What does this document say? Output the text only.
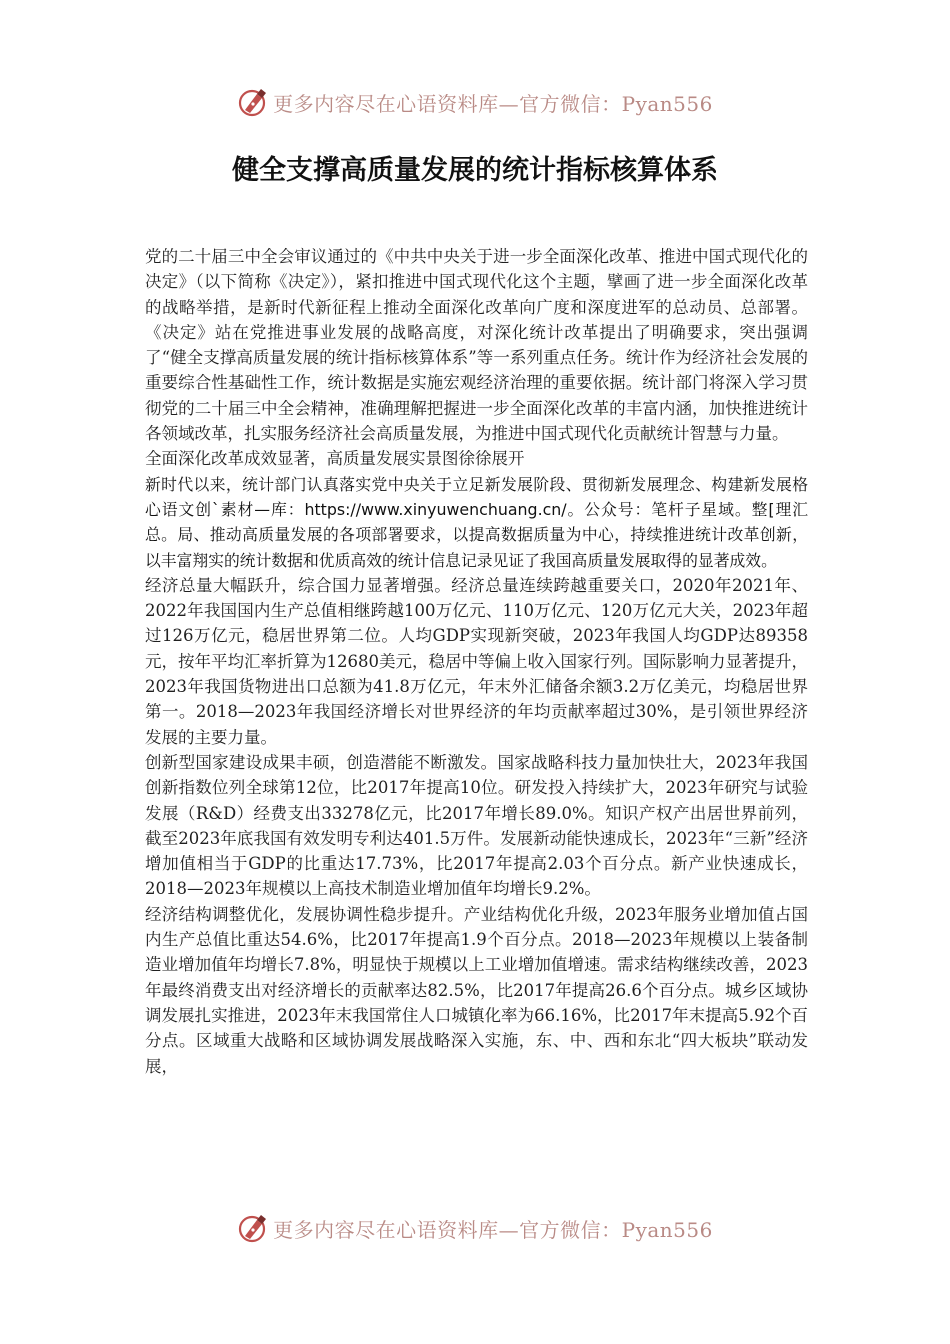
更多内容尽在心语资料库—官方微信：Pyan556
健全支撑高质量发展的统计指标核算体系

党的二十届三中全会审议通过的《中共中央关于进一步全面深化改革、推进中国式现代化的决定》（以下简称《决定》），紧扣推进中国式现代化这个主题，擘画了进一步全面深化改革的战略举措，是新时代新征程上推动全面深化改革向广度和深度进军的总动员、总部署。《决定》站在党推进事业发展的战略高度，对深化统计改革提出了明确要求，突出强调了“健全支撑高质量发展的统计指标核算体系”等一系列重点任务。统计作为经济社会发展的重要综合性基础性工作，统计数据是实施宏观经济治理的重要依据。统计部门将深入学习贯彻党的二十届三中全会精神，准确理解把握进一步全面深化改革的丰富内涵，加快推进统计各领域改革，扎实服务经济社会高质量发展，为推进中国式现代化贡献统计智慧与力量。

全面深化改革成效显著，高质量发展实景图徐徐展开

新时代以来，统计部门认真落实党中央关于立足新发展阶段、贯彻新发展理念、构建新发展格心语文创`素材—库：https://www.xinyuwenchuang.cn/。公众号：笔杆子星域。整[理汇总。局、推动高质量发展的各项部署要求，以提高数据质量为中心，持续推进统计改革创新，以丰富翔实的统计数据和优质高效的统计信息记录见证了我国高质量发展取得的显著成效。

经济总量大幅跃升，综合国力显著增强。经济总量连续跨越重要关口，2020年2021年、2022年我国国内生产总值相继跨越100万亿元、110万亿元、120万亿元大关，2023年超过126万亿元，稳居世界第二位。人均GDP实现新突破，2023年我国人均GDP达89358元，按年平均汇率折算为12680美元，稳居中等偏上收入国家行列。国际影响力显著提升，2023年我国货物进出口总额为41.8万亿元，年末外汇储备余额3.2万亿美元，均稳居世界第一。2018—2023年我国经济增长对世界经济的年均贡献率超过30%，是引领世界经济发展的主要力量。

创新型国家建设成果丰硕，创造潜能不断激发。国家战略科技力量加快壮大，2023年我国创新指数位列全球第12位，比2017年提高10位。研发投入持续扩大，2023年研究与试验发展（R&D）经费支出33278亿元，比2017年增长89.0%。知识产权产出居世界前列，截至2023年底我国有效发明专利达401.5万件。发展新动能快速成长，2023年“三新”经济增加值相当于GDP的比重达17.73%，比2017年提高2.03个百分点。新产业快速成长，2018—2023年规模以上高技术制造业增加值年均增长9.2%。

经济结构调整优化，发展协调性稳步提升。产业结构优化升级，2023年服务业增加值占国内生产总值比重达54.6%，比2017年提高1.9个百分点。2018—2023年规模以上装备制造业增加值年均增长7.8%，明显快于规模以上工业增加值增速。需求结构继续改善，2023年最终消费支出对经济增长的贡献率达82.5%，比2017年提高26.6个百分点。城乡区域协调发展扎实推进，2023年末我国常住人口城镇化率为66.16%，比2017年末提高5.92个百分点。区域重大战略和区域协调发展战略深入实施，东、中、西和东北“四大板块”联动发展，

更多内容尽在心语资料库—官方微信：Pyan556
